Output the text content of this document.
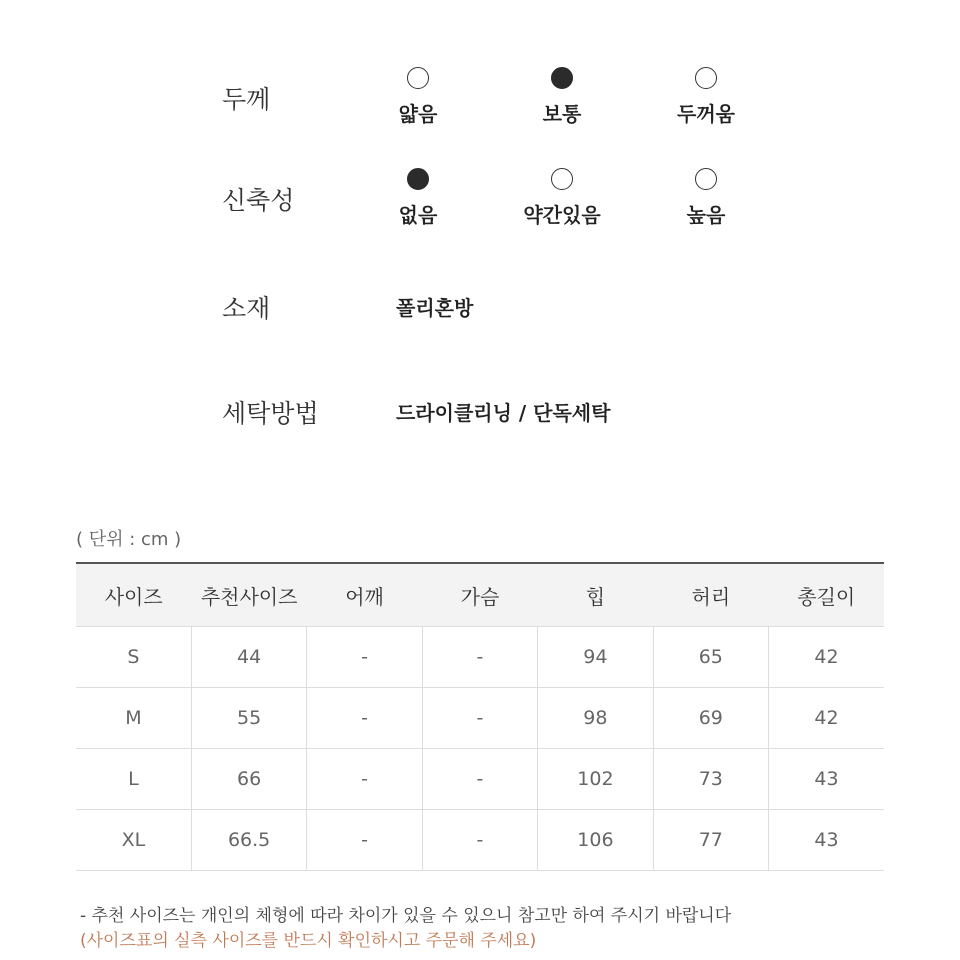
두께	얇음	보통	두꺼움
신축성	없음	약간있음	높음
소재	폴리혼방
세탁방법	드라이클리닝 / 단독세탁
( 단위 : cm )
사이즈	추천사이즈	어깨	가슴	힙	허리	총길이
S	44	-	-	94	65	42
M	55	-	-	98	69	42
L	66	-	-	102	73	43
XL	66.5	-	-	106	77	43
- 추천 사이즈는 개인의 체형에 따라 차이가 있을 수 있으니 참고만 하여 주시기 바랍니다
(사이즈표의 실측 사이즈를 반드시 확인하시고 주문해 주세요)
